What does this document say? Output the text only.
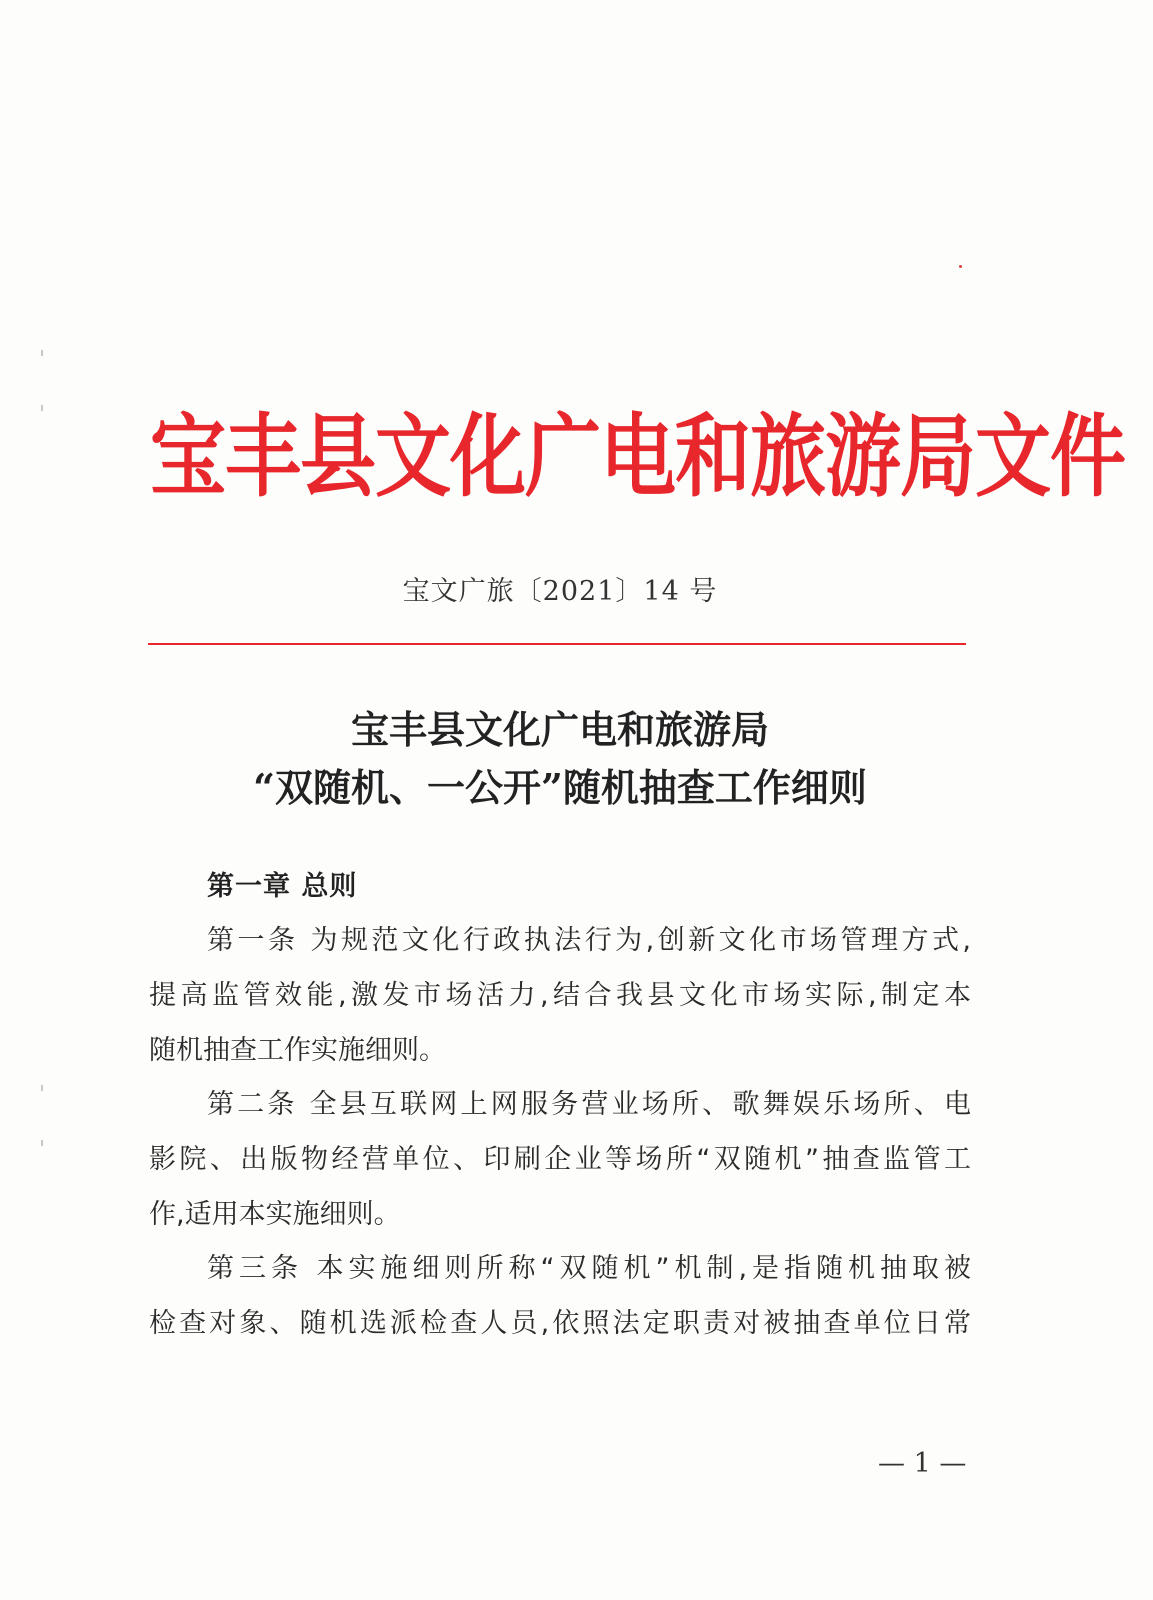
宝丰县文化广电和旅游局文件
宝文广旅〔2021〕14 号
宝丰县文化广电和旅游局
“双随机、一公开”随机抽查工作细则
第一章 总则
第一条 为规范文化行政执法行为,创新文化市场管理方式,
提高监管效能,激发市场活力,结合我县文化市场实际,制定本
随机抽查工作实施细则。
第二条 全县互联网上网服务营业场所、歌舞娱乐场所、电
影院、出版物经营单位、印刷企业等场所“双随机”抽查监管工
作,适用本实施细则。
第三条 本实施细则所称“双随机”机制,是指随机抽取被
检查对象、随机选派检查人员,依照法定职责对被抽查单位日常
— 1 —
